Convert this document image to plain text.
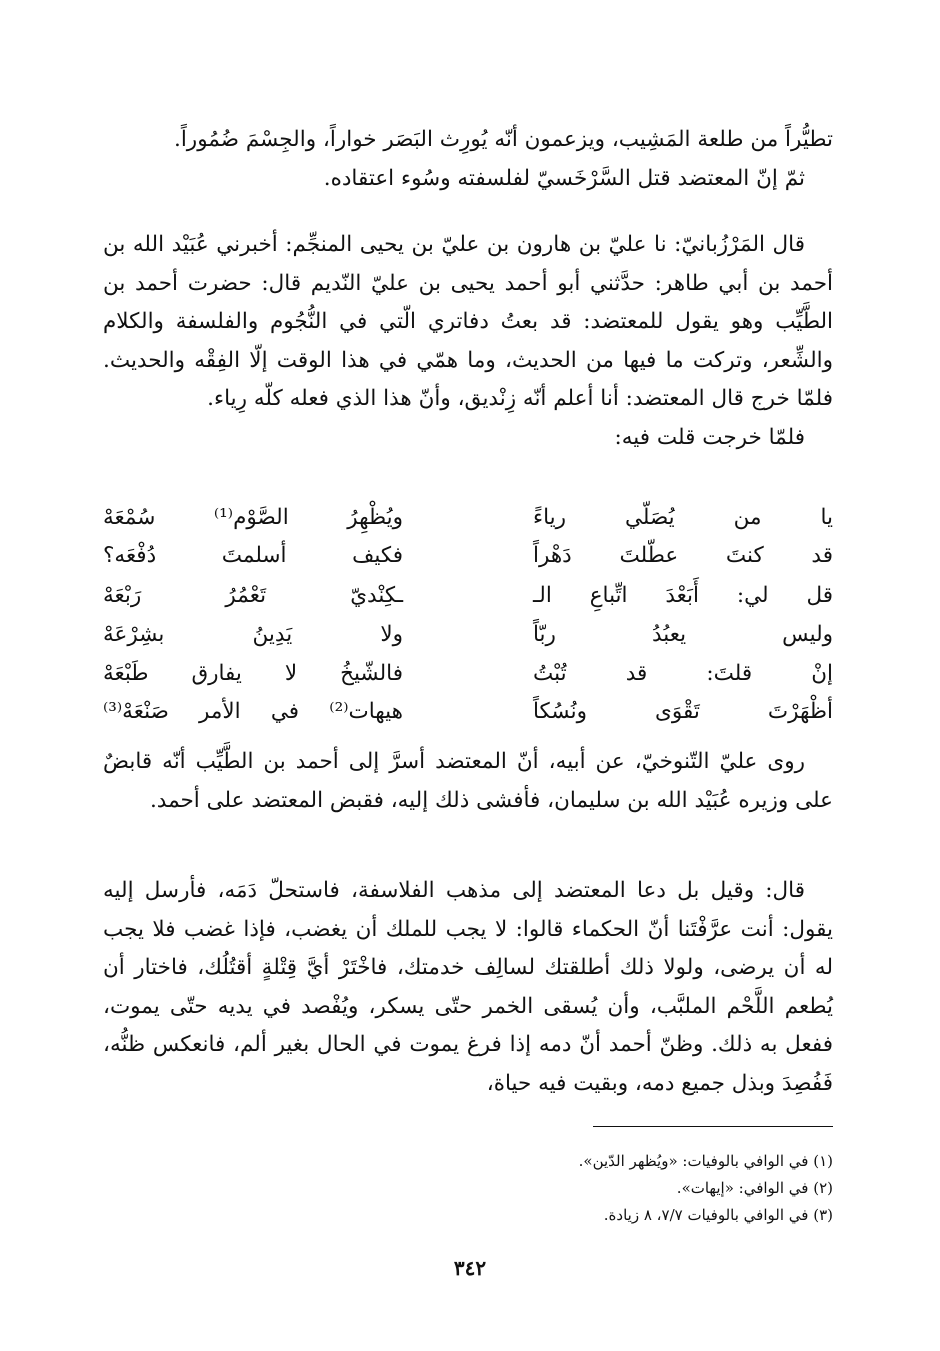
تطيُّراً من طلعة المَشِيب، ويزعمون أنّه يُورِث البَصَر خواراً، والجِسْمَ ضُمُوراً.

ثمّ إنّ المعتضد قتل السَّرْخَسيّ لفلسفته وسُوء اعتقاده.

قال المَرْزُبانيّ: نا عليّ بن هارون بن عليّ بن يحيى المنجِّم: أخبرني عُبَيْد الله بن أحمد بن أبي طاهر: حدَّثني أبو أحمد يحيى بن عليّ النّديم قال: حضرت أحمد بن الطَّيِّب وهو يقول للمعتضد: قد بعتُ دفاتري الّتي في النُّجُوم والفلسفة والكلام والشِّعر، وتركت ما فيها من الحديث، وما همّي في هذا الوقت إلّا الفِقْه والحديث. فلمّا خرج قال المعتضد: أنا أعلم أنّه زِنْديق، وأنّ هذا الذي فعله كلّه رِياء.

فلمّا خرجت قلت فيه:

يا من يُصَلّي رياءً
ويُظْهِرُ الصَّوْم⁽¹⁾ سُمْعَهْ
قد كنتَ عطّلتَ دَهْراً
فكيف أسلمتَ دُفْعَه؟
قل لي: أَبَعْدَ اتِّباعِ الـ
ـكِنْديّ تَعْمُرُ رَبْعَهْ
وليس يعبُدُ ربّاً
ولا يَدِينُ بشِرْعَهْ
إنْ قلتَ: قد تُبْتُ
فالشّيخُ لا يفارق طَبْعَهْ
أظْهَرْتَ تَقْوَى ونُسُكاً
هيهات⁽²⁾ في الأمر صَنْعَهْ⁽³⁾

روى عليّ التّنوخيّ، عن أبيه، أنّ المعتضد أسرَّ إلى أحمد بن الطَّيِّب أنّه قابضٌ على وزيره عُبَيْد الله بن سليمان، فأفشى ذلك إليه، فقبض المعتضد على أحمد.

قال: وقيل بل دعا المعتضد إلى مذهب الفلاسفة، فاستحلّ دَمَه، فأرسل إليه يقول: أنت عرَّفْتَنا أنّ الحكماء قالوا: لا يجب للملك أن يغضب، فإذا غضب فلا يجب له أن يرضى، ولولا ذلك أطلقتك لسالِف خدمتك، فاخْتَرْ أيَّ قِتْلةٍ أقتُلُك، فاختار أن يُطعم اللَّحْم الملبَّب، وأن يُسقى الخمر حتّى يسكر، ويُفْصد في يديه حتّى يموت، ففعل به ذلك. وظنّ أحمد أنّ دمه إذا فرغ يموت في الحال بغير ألم، فانعكس ظنُّه، فَفُصِدَ وبذل جميع دمه، وبقيت فيه حياة،

(١) في الوافي بالوفيات: «ويُظهر الدّين».
(٢) في الوافي: «إيهات».
(٣) في الوافي بالوفيات ٧/٧، ٨ زيادة.
٣٤٢
